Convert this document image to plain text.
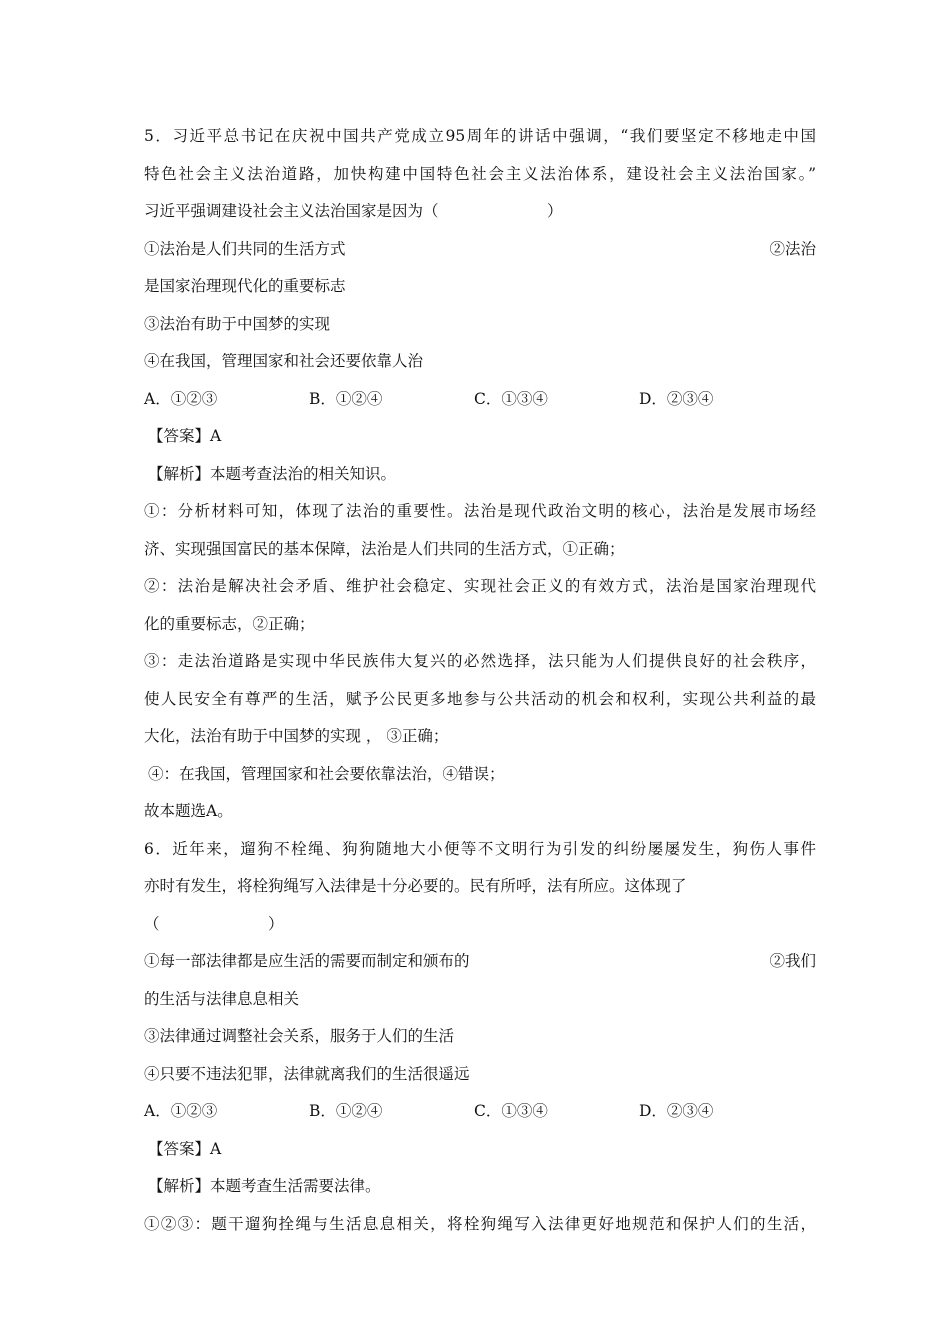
5．习近平总书记在庆祝中国共产党成立95周年的讲话中强调，“我们要坚定不移地走中国
特色社会主义法治道路，加快构建中国特色社会主义法治体系，建设社会主义法治国家。”
习近平强调建设社会主义法治国家是因为（　　　　　　　）
①法治是人们共同的生活方式	②法治
是国家治理现代化的重要标志
③法治有助于中国梦的实现
④在我国，管理国家和社会还要依靠人治
A．①②③	B．①②④	C．①③④	D．②③④
【答案】A
【解析】本题考查法治的相关知识。
①：分析材料可知，体现了法治的重要性。法治是现代政治文明的核心，法治是发展市场经
济、实现强国富民的基本保障，法治是人们共同的生活方式，①正确；
②：法治是解决社会矛盾、维护社会稳定、实现社会正义的有效方式，法治是国家治理现代
化的重要标志，②正确；
③：走法治道路是实现中华民族伟大复兴的必然选择，法只能为人们提供良好的社会秩序，
使人民安全有尊严的生活，赋予公民更多地参与公共活动的机会和权利，实现公共利益的最
大化，法治有助于中国梦的实现 ， ③正确；
④：在我国，管理国家和社会要依靠法治，④错误；
故本题选A。
6．近年来，遛狗不栓绳、狗狗随地大小便等不文明行为引发的纠纷屡屡发生，狗伤人事件
亦时有发生，将栓狗绳写入法律是十分必要的。民有所呼，法有所应。这体现了
（　　　　　　　）
①每一部法律都是应生活的需要而制定和颁布的	②我们
的生活与法律息息相关
③法律通过调整社会关系，服务于人们的生活
④只要不违法犯罪，法律就离我们的生活很遥远
A．①②③	B．①②④	C．①③④	D．②③④
【答案】A
【解析】本题考查生活需要法律。
①②③：题干遛狗拴绳与生活息息相关，将栓狗绳写入法律更好地规范和保护人们的生活，
